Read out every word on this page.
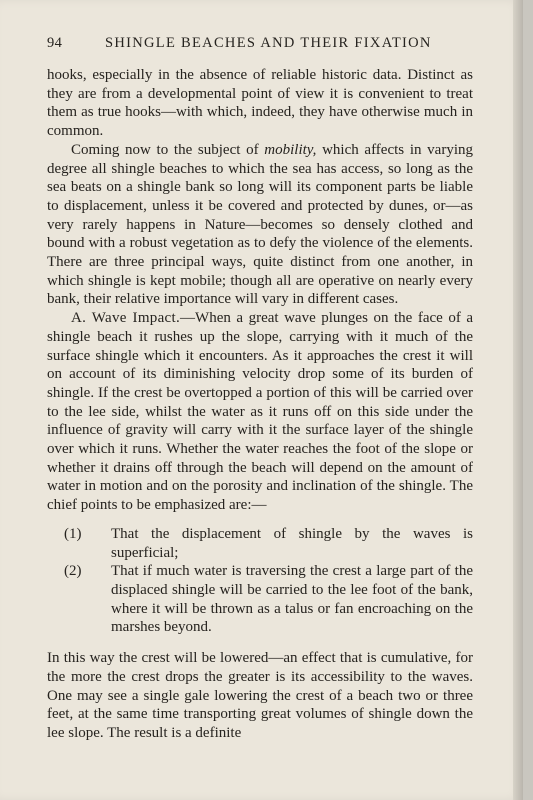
94	SHINGLE BEACHES AND THEIR FIXATION

hooks, especially in the absence of reliable historic data. Distinct as they are from a developmental point of view it is convenient to treat them as true hooks—with which, indeed, they have otherwise much in common.

Coming now to the subject of mobility, which affects in varying degree all shingle beaches to which the sea has access, so long as the sea beats on a shingle bank so long will its component parts be liable to displacement, unless it be covered and protected by dunes, or—as very rarely happens in Nature—becomes so densely clothed and bound with a robust vegetation as to defy the violence of the elements. There are three principal ways, quite distinct from one another, in which shingle is kept mobile; though all are operative on nearly every bank, their relative importance will vary in different cases.

A. Wave Impact.—When a great wave plunges on the face of a shingle beach it rushes up the slope, carrying with it much of the surface shingle which it encounters. As it approaches the crest it will on account of its diminishing velocity drop some of its burden of shingle. If the crest be overtopped a portion of this will be carried over to the lee side, whilst the water as it runs off on this side under the influence of gravity will carry with it the surface layer of the shingle over which it runs. Whether the water reaches the foot of the slope or whether it drains off through the beach will depend on the amount of water in motion and on the porosity and inclination of the shingle. The chief points to be emphasized are:—

(1) That the displacement of shingle by the waves is superficial;

(2) That if much water is traversing the crest a large part of the displaced shingle will be carried to the lee foot of the bank, where it will be thrown as a talus or fan encroaching on the marshes beyond.

In this way the crest will be lowered—an effect that is cumulative, for the more the crest drops the greater is its accessibility to the waves. One may see a single gale lowering the crest of a beach two or three feet, at the same time transporting great volumes of shingle down the lee slope. The result is a definite
